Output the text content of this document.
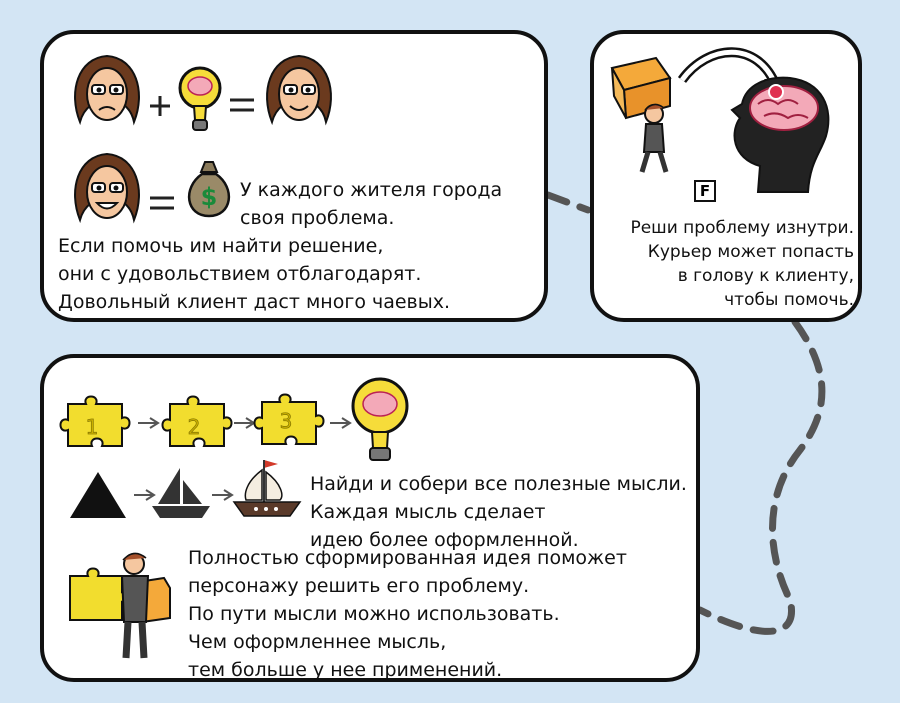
$ У каждого жителя города
своя проблема.
Если помочь им найти решение,
они с удовольствием отблагодарят.
Довольный клиент даст много чаевых.
F
Реши проблему изнутри.
Курьер может попасть
в голову к клиенту,
чтобы помочь.
1	2	3
Найди и собери все полезные мысли.
Каждая мысль сделает
идею более оформленной.
Полностью сформированная идея поможет
персонажу решить его проблему.
По пути мысли можно использовать.
Чем оформленнее мысль,
тем больше у нее применений.
